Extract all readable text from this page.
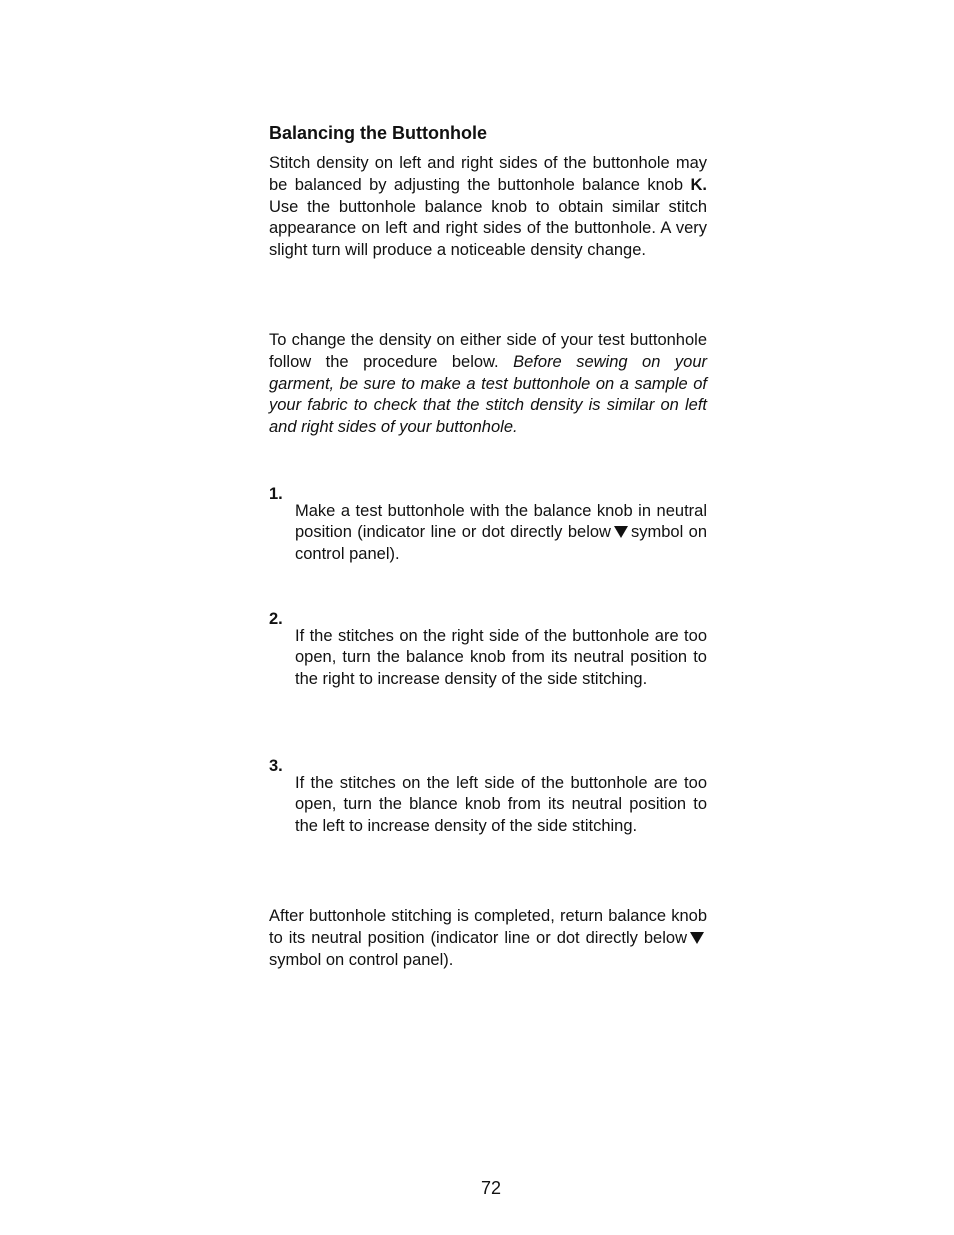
Balancing the Buttonhole

Stitch density on left and right sides of the buttonhole may be balanced by adjusting the buttonhole balance knob K. Use the buttonhole balance knob to obtain similar stitch appearance on left and right sides of the buttonhole. A very slight turn will produce a noticeable density change.

To change the density on either side of your test buttonhole follow the procedure below. Before sewing on your garment, be sure to make a test buttonhole on a sample of your fabric to check that the stitch density is similar on left and right sides of your buttonhole.

1.

Make a test buttonhole with the balance knob in neutral position (indicator line or dot directly below symbol on control panel).

2.

If the stitches on the right side of the buttonhole are too open, turn the balance knob from its neutral position to the right to increase density of the side stitching.

3.

If the stitches on the left side of the buttonhole are too open, turn the blance knob from its neutral position to the left to increase density of the side stitching.

After buttonhole stitching is completed, return balance knob to its neutral position (indicator line or dot directly belowsymbol on control panel).

72
